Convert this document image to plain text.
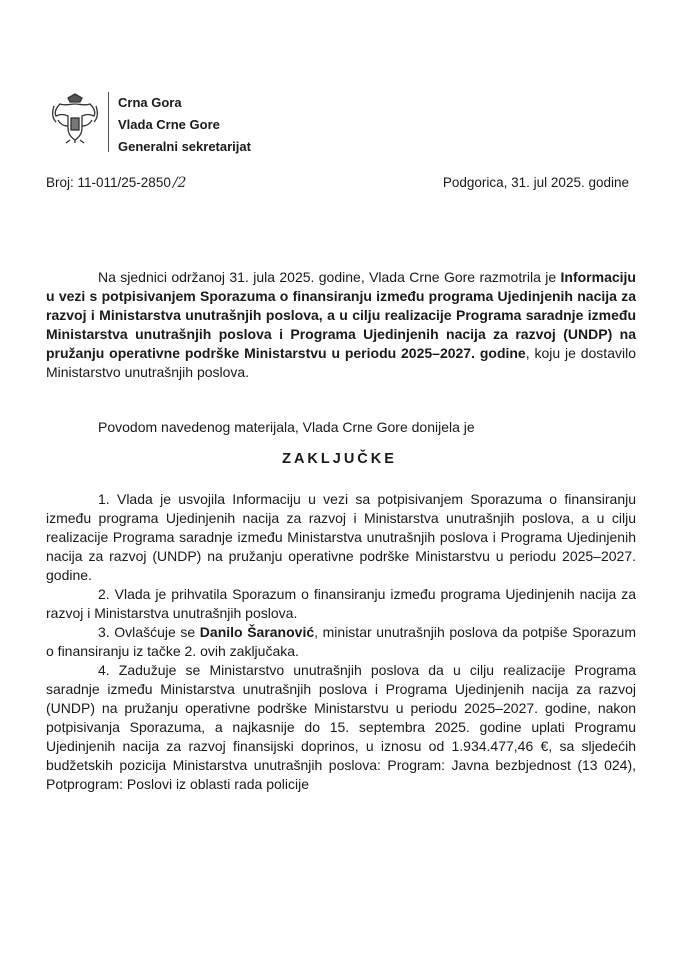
Crna Gora
Vlada Crne Gore
Generalni sekretarijat
Broj: 11-011/25-2850 /2	Podgorica, 31. jul 2025. godine

Na sjednici održanoj 31. jula 2025. godine, Vlada Crne Gore razmotrila je Informaciju u vezi s potpisivanjem Sporazuma o finansiranju između programa Ujedinjenih nacija za razvoj i Ministarstva unutrašnjih poslova, a u cilju realizacije Programa saradnje između Ministarstva unutrašnjih poslova i Programa Ujedinjenih nacija za razvoj (UNDP) na pružanju operativne podrške Ministarstvu u periodu 2025–2027. godine, koju je dostavilo Ministarstvo unutrašnjih poslova.

Povodom navedenog materijala, Vlada Crne Gore donijela je

ZAKLJUČKE

1. Vlada je usvojila Informaciju u vezi sa potpisivanjem Sporazuma o finansiranju između programa Ujedinjenih nacija za razvoj i Ministarstva unutrašnjih poslova, a u cilju realizacije Programa saradnje između Ministarstva unutrašnjih poslova i Programa Ujedinjenih nacija za razvoj (UNDP) na pružanju operativne podrške Ministarstvu u periodu 2025–2027. godine.

2. Vlada je prihvatila Sporazum o finansiranju između programa Ujedinjenih nacija za razvoj i Ministarstva unutrašnjih poslova.

3. Ovlašćuje se Danilo Šaranović, ministar unutrašnjih poslova da potpiše Sporazum o finansiranju iz tačke 2. ovih zaključaka.

4. Zadužuje se Ministarstvo unutrašnjih poslova da u cilju realizacije Programa saradnje između Ministarstva unutrašnjih poslova i Programa Ujedinjenih nacija za razvoj (UNDP) na pružanju operativne podrške Ministarstvu u periodu 2025–2027. godine, nakon potpisivanja Sporazuma, a najkasnije do 15. septembra 2025. godine uplati Programu Ujedinjenih nacija za razvoj finansijski doprinos, u iznosu od 1.934.477,46 €, sa sljedećih budžetskih pozicija Ministarstva unutrašnjih poslova: Program: Javna bezbjednost (13 024), Potprogram: Poslovi iz oblasti rada policije
